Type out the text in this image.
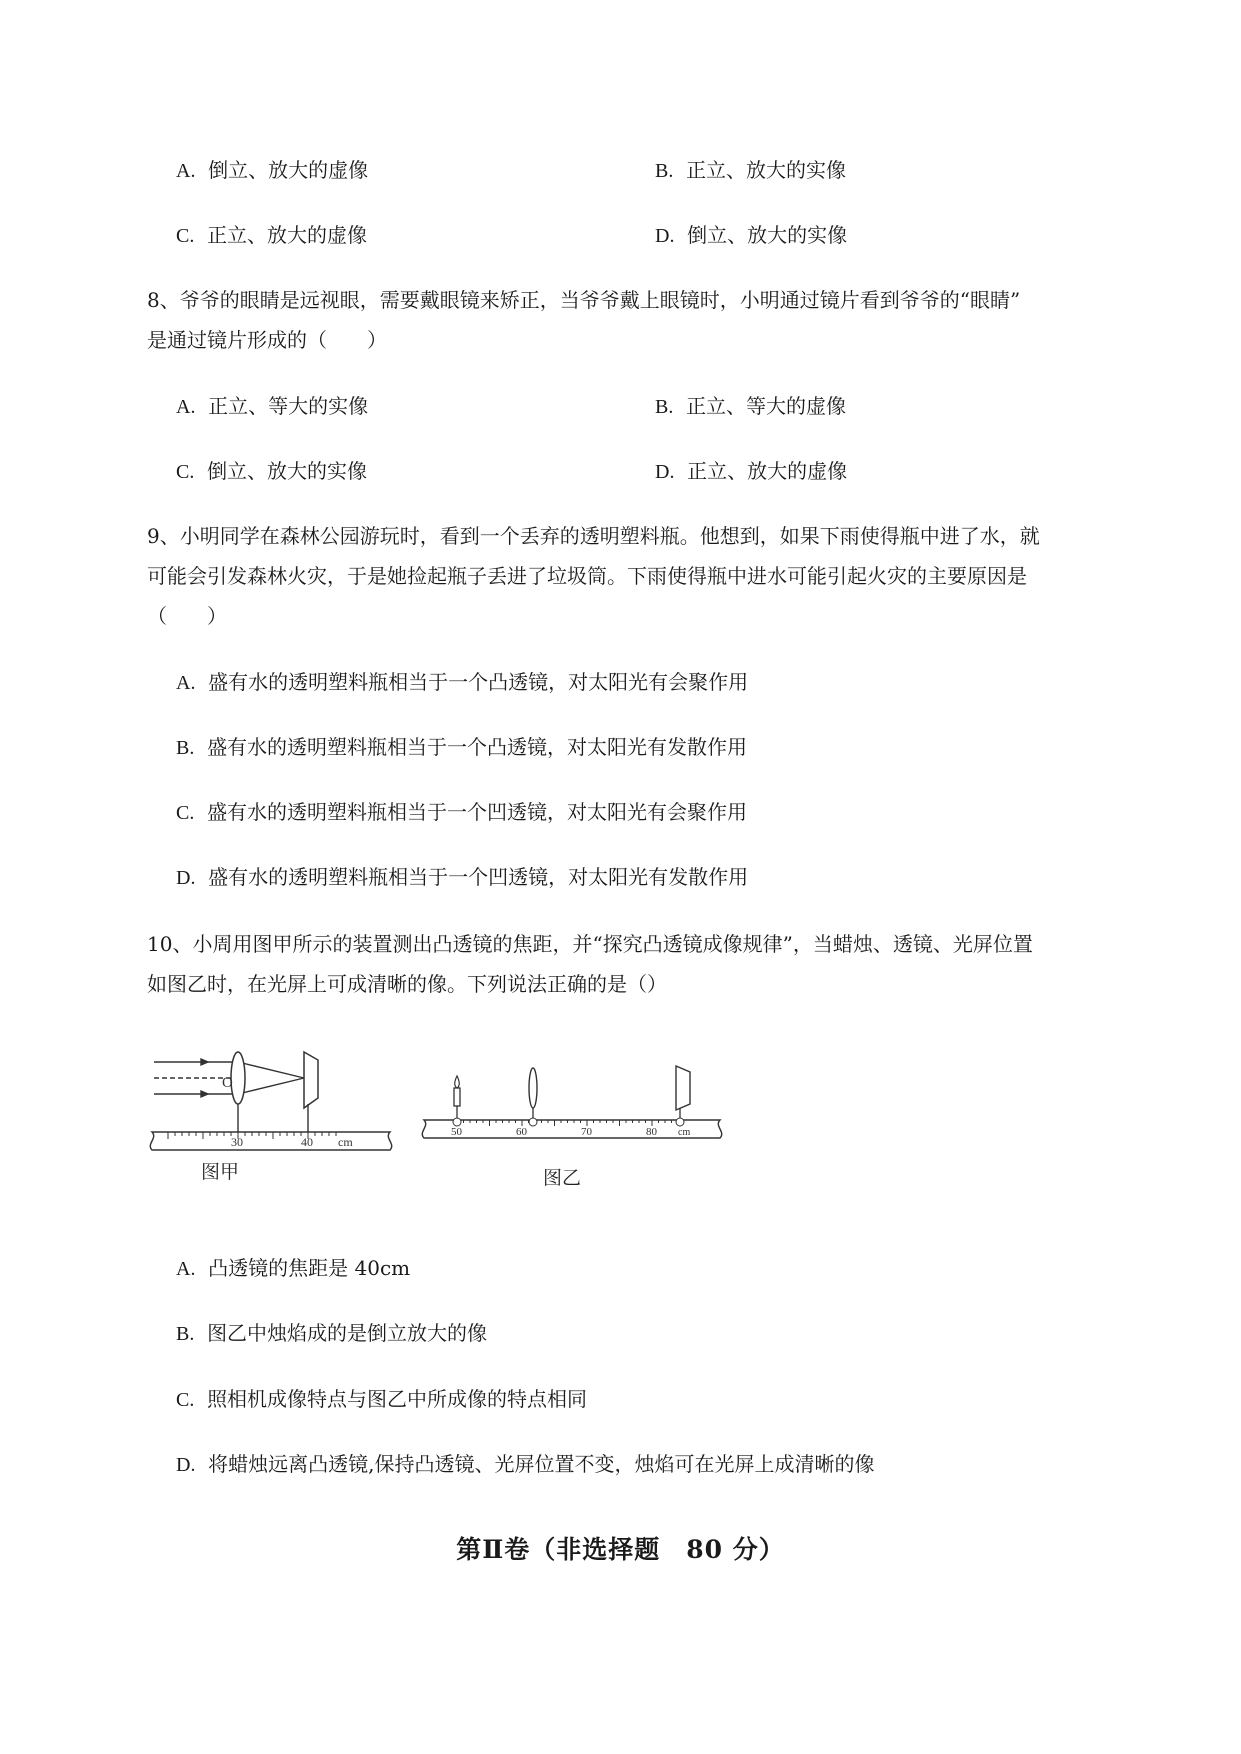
A. 倒立、放大的虚像	B. 正立、放大的实像
C. 正立、放大的虚像	D. 倒立、放大的实像
8、爷爷的眼睛是远视眼，需要戴眼镜来矫正，当爷爷戴上眼镜时，小明通过镜片看到爷爷的“眼睛”
是通过镜片形成的（　　）
A. 正立、等大的实像	B. 正立、等大的虚像
C. 倒立、放大的实像	D. 正立、放大的虚像
9、小明同学在森林公园游玩时，看到一个丢弃的透明塑料瓶。他想到，如果下雨使得瓶中进了水，就
可能会引发森林火灾，于是她捡起瓶子丢进了垃圾筒。下雨使得瓶中进水可能引起火灾的主要原因是
（　　）
A. 盛有水的透明塑料瓶相当于一个凸透镜，对太阳光有会聚作用
B. 盛有水的透明塑料瓶相当于一个凸透镜，对太阳光有发散作用
C. 盛有水的透明塑料瓶相当于一个凹透镜，对太阳光有会聚作用
D. 盛有水的透明塑料瓶相当于一个凹透镜，对太阳光有发散作用
10、小周用图甲所示的装置测出凸透镜的焦距，并“探究凸透镜成像规律”，当蜡烛、透镜、光屏位置
如图乙时，在光屏上可成清晰的像。下列说法正确的是（）
O
30	40 cm
图甲
50	60	70	80 cm
图乙
A. 凸透镜的焦距是 40cm
B. 图乙中烛焰成的是倒立放大的像
C. 照相机成像特点与图乙中所成像的特点相同
D. 将蜡烛远离凸透镜,保持凸透镜、光屏位置不变，烛焰可在光屏上成清晰的像
第Ⅱ卷（非选择题　80 分）
